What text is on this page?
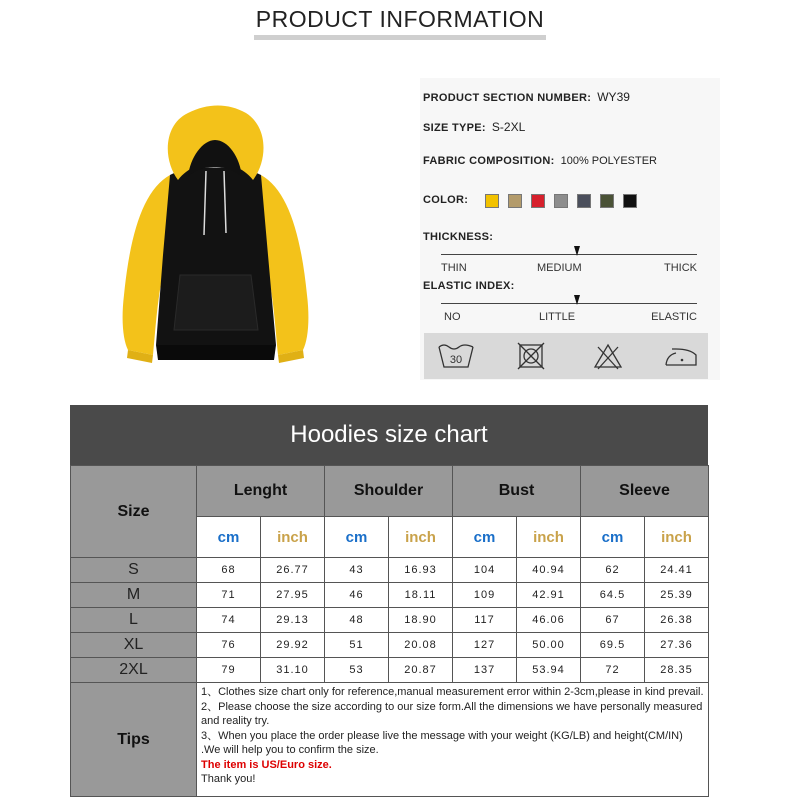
PRODUCT INFORMATION
PRODUCT SECTION NUMBER: WY39
SIZE TYPE: S-2XL
FABRIC COMPOSITION: 100% POLYESTER
COLOR:
THICKNESS:
THIN	MEDIUM	THICK
ELASTIC INDEX:
NO	LITTLE	ELASTIC
30
Hoodies size chart
Size	Lenght		Shoulder		Bust		Sleeve	
	cm	inch	cm	inch	cm	inch	cm	inch
S	68	26.77	43	16.93	104	40.94	62	24.41
M	71	27.95	46	18.11	109	42.91	64.5	25.39
L	74	29.13	48	18.90	117	46.06	67	26.38
XL	76	29.92	51	20.08	127	50.00	69.5	27.36
2XL	79	31.10	53	20.87	137	53.94	72	28.35
Tips	1、Clothes size chart only for reference,manual measurement error within 2-3cm,please in kind prevail.
2、Please choose the size according to our size form.All the dimensions we have personally measured and reality try.
3、When you place the order please live the message with your weight (KG/LB) and height(CM/IN) .We will help you to confirm the size.
The item is US/Euro size.
Thank you!							
